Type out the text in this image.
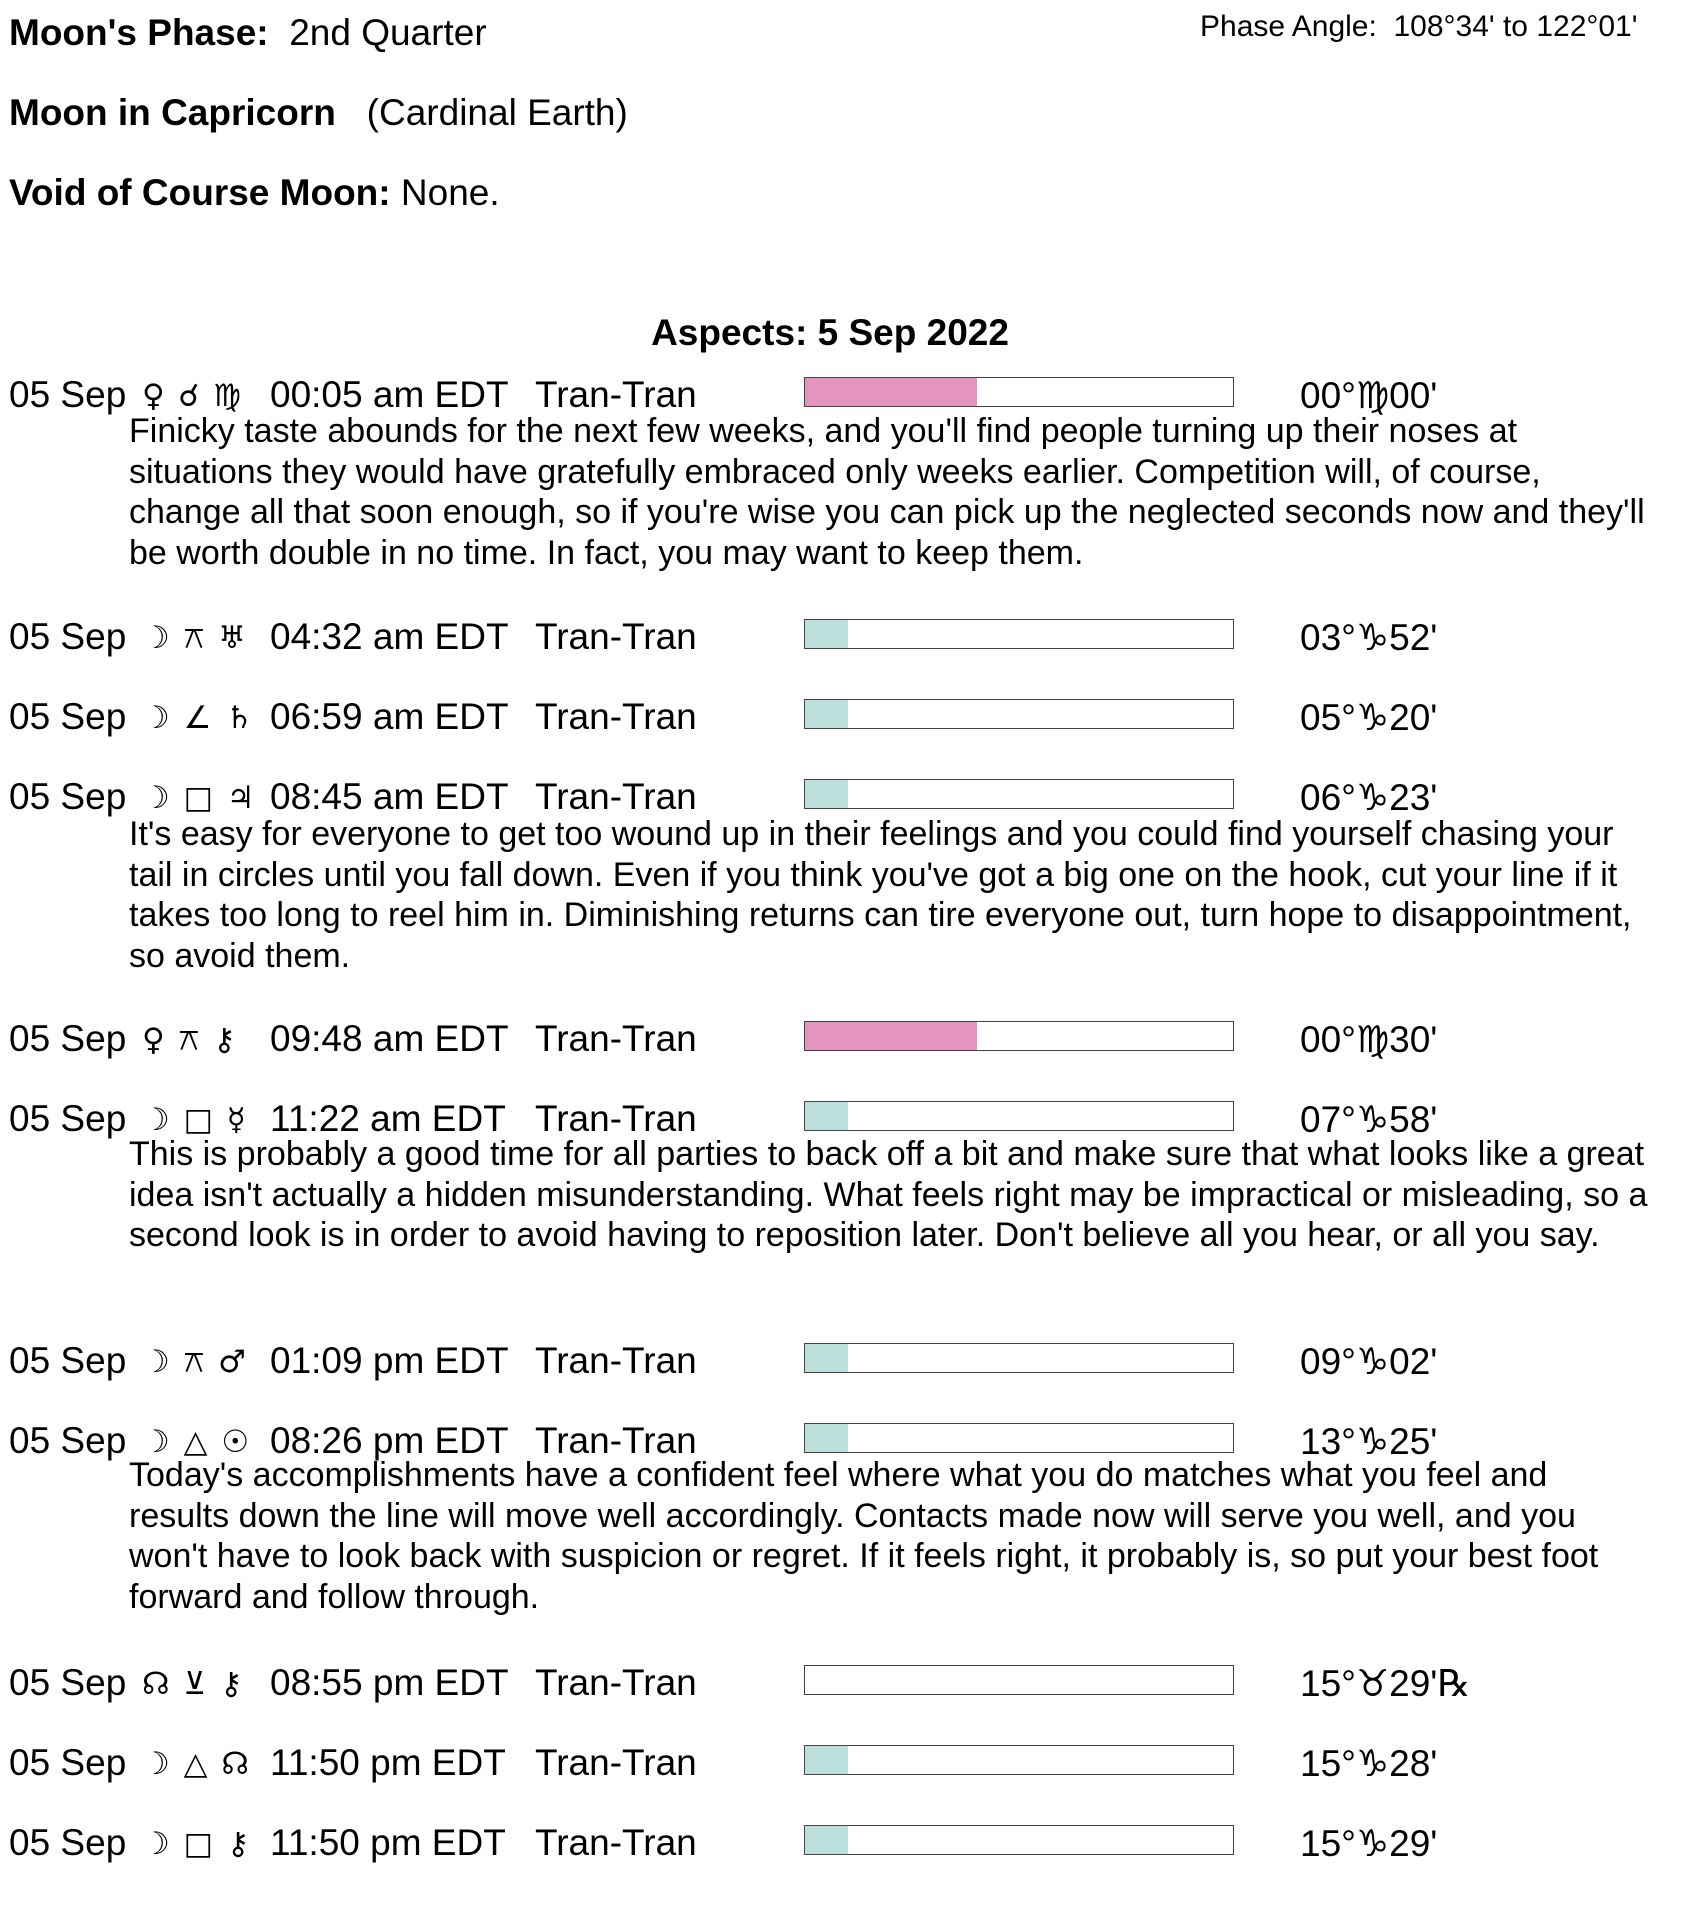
Moon's Phase: 2nd Quarter	Phase Angle: 108°34' to 122°01'
Moon in Capricorn (Cardinal Earth)
Void of Course Moon: None.
Aspects: 5 Sep 2022
05 Sep ♀ ☌ ♍ 00:05 am EDT Tran-Tran	00°♍00'
Finicky taste abounds for the next few weeks, and you'll find people turning up their noses at situations they would have gratefully embraced only weeks earlier. Competition will, of course, change all that soon enough, so if you're wise you can pick up the neglected seconds now and they'll be worth double in no time. In fact, you may want to keep them.
05 Sep ☽ ⚻ ♅ 04:32 am EDT Tran-Tran	03°♑52'
05 Sep ☽ ∠ ♄ 06:59 am EDT Tran-Tran	05°♑20'
05 Sep ☽ □ ♃ 08:45 am EDT Tran-Tran	06°♑23'
It's easy for everyone to get too wound up in their feelings and you could find yourself chasing your tail in circles until you fall down. Even if you think you've got a big one on the hook, cut your line if it takes too long to reel him in. Diminishing returns can tire everyone out, turn hope to disappointment, so avoid them.
05 Sep ♀ ⚻ ⚷ 09:48 am EDT Tran-Tran	00°♍30'
05 Sep ☽ □ ☿ 11:22 am EDT Tran-Tran	07°♑58'
This is probably a good time for all parties to back off a bit and make sure that what looks like a great idea isn't actually a hidden misunderstanding. What feels right may be impractical or misleading, so a second look is in order to avoid having to reposition later. Don't believe all you hear, or all you say.
05 Sep ☽ ⚻ ♂ 01:09 pm EDT Tran-Tran	09°♑02'
05 Sep ☽ △ ☉ 08:26 pm EDT Tran-Tran	13°♑25'
Today's accomplishments have a confident feel where what you do matches what you feel and results down the line will move well accordingly. Contacts made now will serve you well, and you won't have to look back with suspicion or regret. If it feels right, it probably is, so put your best foot forward and follow through.
05 Sep ☊ ⊻ ⚷ 08:55 pm EDT Tran-Tran	15°♉29'℞
05 Sep ☽ △ ☊ 11:50 pm EDT Tran-Tran	15°♑28'
05 Sep ☽ □ ⚷ 11:50 pm EDT Tran-Tran	15°♑29'
